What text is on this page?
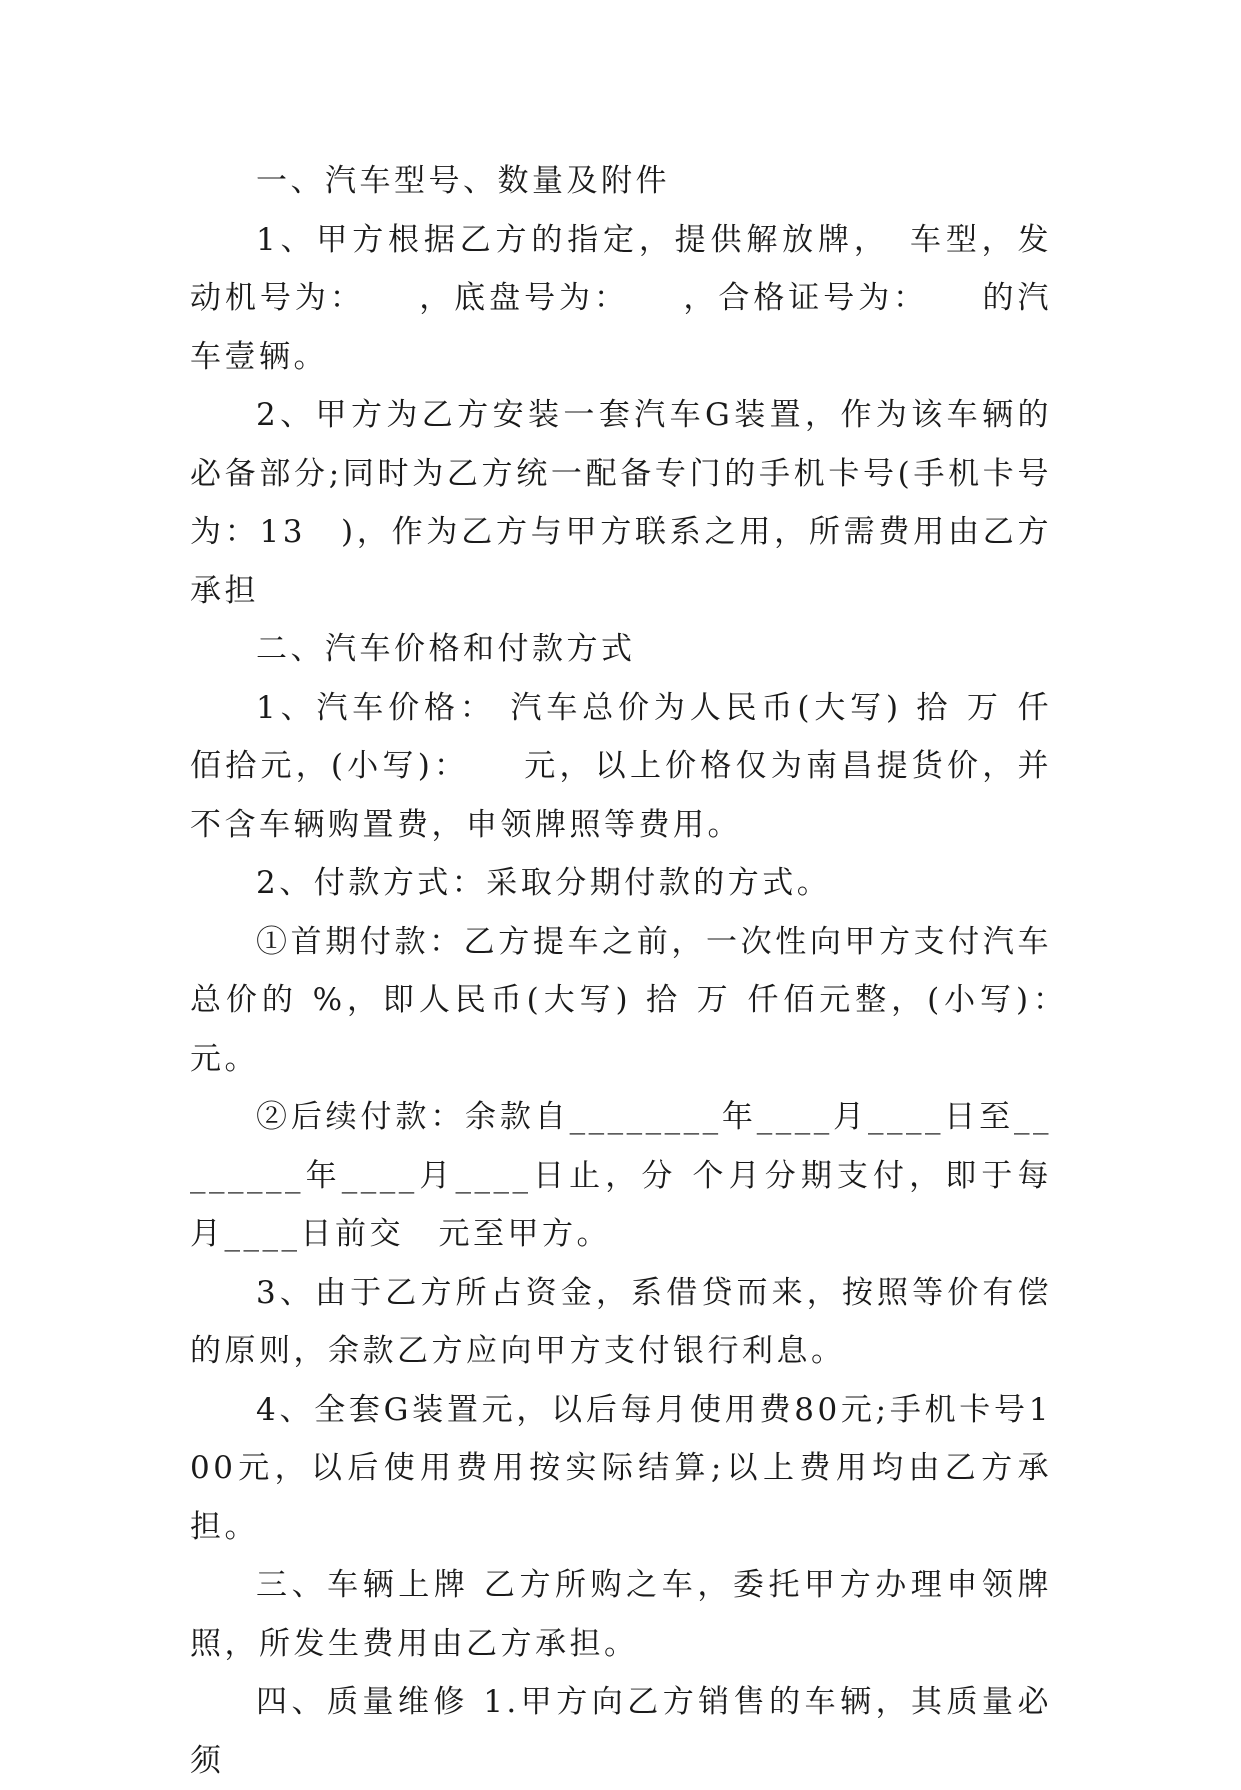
一、汽车型号、数量及附件

1、甲方根据乙方的指定，提供解放牌，　车型，发动机号为：　　，底盘号为：　　，合格证号为：　　的汽车壹辆。

2、甲方为乙方安装一套汽车G装置，作为该车辆的必备部分;同时为乙方统一配备专门的手机卡号(手机卡号为：13　)，作为乙方与甲方联系之用，所需费用由乙方承担

二、汽车价格和付款方式

1、汽车价格： 汽车总价为人民币(大写) 拾 万 仟佰拾元，(小写)：　　元，以上价格仅为南昌提货价，并不含车辆购置费，申领牌照等费用。

2、付款方式：采取分期付款的方式。

①首期付款：乙方提车之前，一次性向甲方支付汽车总价的 %，即人民币(大写) 拾 万 仟佰元整，(小写)：　元。

②后续付款：余款自________年____月____日至________年____月____日止，分 个月分期支付，即于每月____日前交　元至甲方。

3、由于乙方所占资金，系借贷而来，按照等价有偿的原则，余款乙方应向甲方支付银行利息。

4、全套G装置元，以后每月使用费80元;手机卡号100元，以后使用费用按实际结算;以上费用均由乙方承担。

三、车辆上牌 乙方所购之车，委托甲方办理申领牌照，所发生费用由乙方承担。

四、质量维修 1.甲方向乙方销售的车辆，其质量必须
